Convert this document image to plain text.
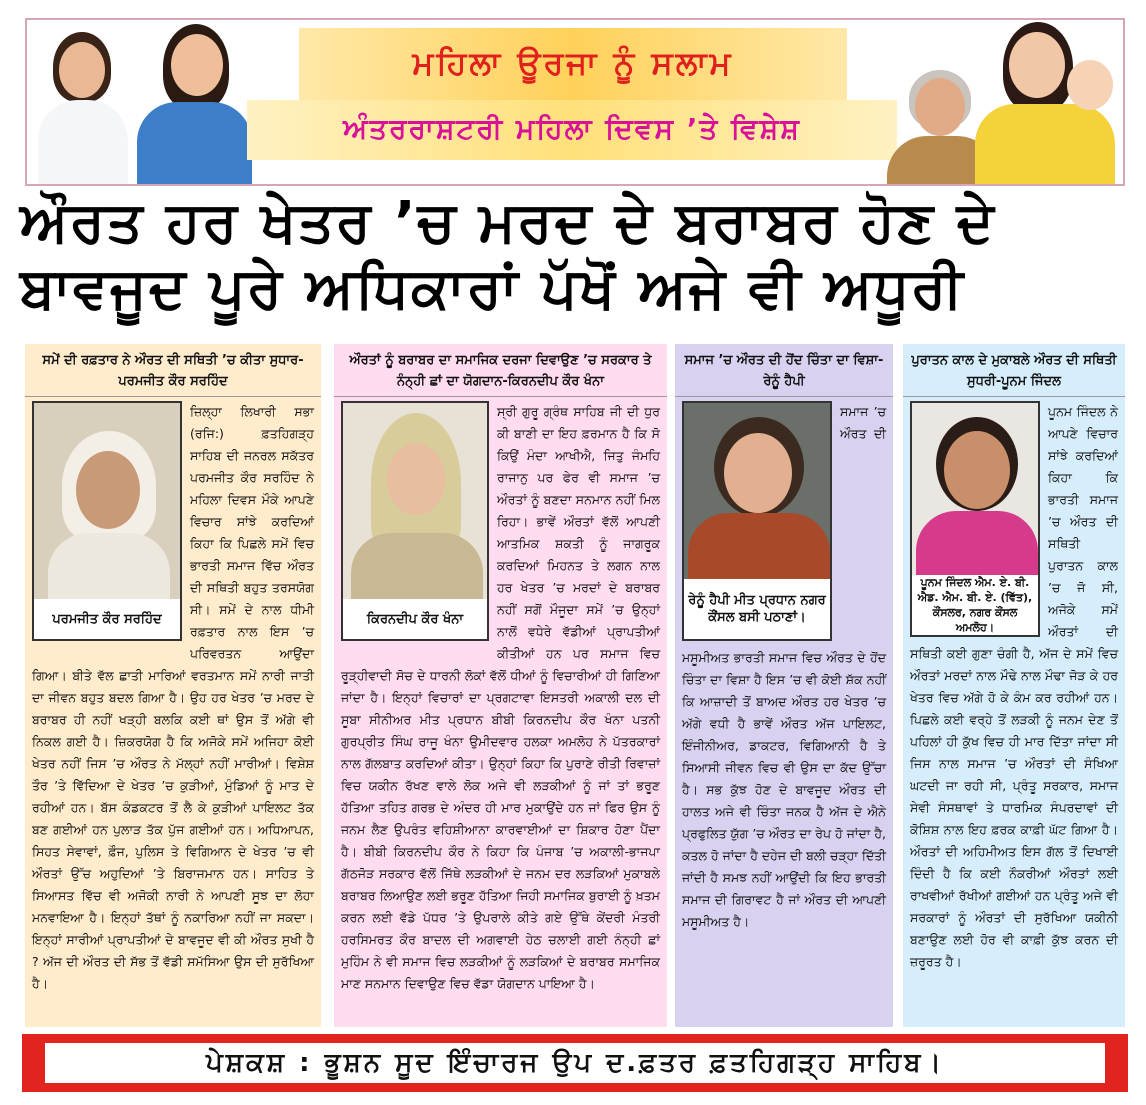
ਮਹਿਲਾ ਊਰਜਾ ਨੂੰ ਸਲਾਮ
ਅੰਤਰਰਾਸ਼ਟਰੀ ਮਹਿਲਾ ਦਿਵਸ ’ਤੇ ਵਿਸ਼ੇਸ਼
ਔਰਤ ਹਰ ਖੇਤਰ ’ਚ ਮਰਦ ਦੇ ਬਰਾਬਰ ਹੋਣ ਦੇ ਬਾਵਜੂਦ ਪੂਰੇ ਅਧਿਕਾਰਾਂ ਪੱਖੋਂ ਅਜੇ ਵੀ ਅਧੂਰੀ
ਸਮੇਂ ਦੀ ਰਫ਼ਤਾਰ ਨੇ ਔਰਤ ਦੀ ਸਥਿਤੀ ’ਚ ਕੀਤਾ ਸੁਧਾਰ-ਪਰਮਜੀਤ ਕੌਰ ਸਰਹਿੰਦ
ਪਰਮਜੀਤ ਕੌਰ ਸਰਹਿੰਦ
ਜ਼ਿਲ੍ਹਾ ਲਿਖਾਰੀ ਸਭਾ (ਰਜਿ:) ਫ਼ਤਹਿਗੜ੍ਹ ਸਾਹਿਬ ਦੀ ਜਨਰਲ ਸਕੱਤਰ ਪਰਮਜੀਤ ਕੌਰ ਸਰਹਿੰਦ ਨੇ ਮਹਿਲਾ ਦਿਵਸ ਮੌਕੇ ਆਪਣੇ ਵਿਚਾਰ ਸਾਂਝੇ ਕਰਦਿਆਂ ਕਿਹਾ ਕਿ ਪਿਛਲੇ ਸਮੇਂ ਵਿਚ ਭਾਰਤੀ ਸਮਾਜ ਵਿੱਚ ਔਰਤ ਦੀ ਸਥਿਤੀ ਬਹੁਤ ਤਰਸਯੋਗ ਸੀ। ਸਮੇਂ ਦੇ ਨਾਲ ਧੀਮੀ ਰਫ਼ਤਾਰ ਨਾਲ ਇਸ ’ਚ ਪਰਿਵਰਤਨ ਆਉਂਦਾ ਗਿਆ। ਬੀਤੇ ਵੱਲ ਛਾਤੀ ਮਾਰਿਆਂ ਵਰਤਮਾਨ ਸਮੇਂ ਨਾਰੀ ਜਾਤੀ ਦਾ ਜੀਵਨ ਬਹੁਤ ਬਦਲ ਗਿਆ ਹੈ। ਉਹ ਹਰ ਖੇਤਰ ’ਚ ਮਰਦ ਦੇ ਬਰਾਬਰ ਹੀ ਨਹੀਂ ਖੜ੍ਹੀ ਬਲਕਿ ਕਈ ਥਾਂ ਉਸ ਤੋਂ ਅੱਗੇ ਵੀ ਨਿਕਲ ਗਈ ਹੈ। ਜ਼ਿਕਰਯੋਗ ਹੈ ਕਿ ਅਜੋਕੇ ਸਮੇਂ ਅਜਿਹਾ ਕੋਈ ਖੇਤਰ ਨਹੀਂ ਜਿਸ ’ਚ ਔਰਤ ਨੇ ਮੱਲ੍ਹਾਂ ਨਹੀਂ ਮਾਰੀਆਂ। ਵਿਸ਼ੇਸ਼ ਤੌਰ ’ਤੇ ਵਿੱਦਿਆ ਦੇ ਖੇਤਰ ’ਚ ਕੁੜੀਆਂ, ਮੁੰਡਿਆਂ ਨੂੰ ਮਾਤ ਦੇ ਰਹੀਆਂ ਹਨ। ਬੱਸ ਕੰਡਕਟਰ ਤੋਂ ਲੈ ਕੇ ਕੁੜੀਆਂ ਪਾਇਲਟ ਤੱਕ ਬਣ ਗਈਆਂ ਹਨ ਪੁਲਾੜ ਤੱਕ ਪੁੱਜ ਗਈਆਂ ਹਨ। ਅਧਿਆਪਨ, ਸਿਹਤ ਸੇਵਾਵਾਂ, ਫ਼ੌਜ, ਪੁਲਿਸ ਤੇ ਵਿਗਿਆਨ ਦੇ ਖੇਤਰ ’ਚ ਵੀ ਔਰਤਾਂ ਉੱਚ ਅਹੁਦਿਆਂ ’ਤੇ ਬਿਰਾਜਮਾਨ ਹਨ। ਸਾਹਿਤ ਤੇ ਸਿਆਸਤ ਵਿੱਚ ਵੀ ਅਜੋਕੀ ਨਾਰੀ ਨੇ ਆਪਣੀ ਸੂਝ ਦਾ ਲੋਹਾ ਮਨਵਾਇਆ ਹੈ। ਇਨ੍ਹਾਂ ਤੱਥਾਂ ਨੂੰ ਨਕਾਰਿਆ ਨਹੀਂ ਜਾ ਸਕਦਾ। ਇਨ੍ਹਾਂ ਸਾਰੀਆਂ ਪ੍ਰਾਪਤੀਆਂ ਦੇ ਬਾਵਜੂਦ ਵੀ ਕੀ ਔਰਤ ਸੁਖੀ ਹੈ ? ਅੱਜ ਦੀ ਔਰਤ ਦੀ ਸੱਭ ਤੋਂ ਵੱਡੀ ਸਮੱਸਿਆ ਉਸ ਦੀ ਸੁਰੱਖਿਆ ਹੈ।
ਔਰਤਾਂ ਨੂੰ ਬਰਾਬਰ ਦਾ ਸਮਾਜਿਕ ਦਰਜਾ ਦਿਵਾਉਣ ’ਚ ਸਰਕਾਰ ਤੇ ਨੰਨ੍ਹੀ ਛਾਂ ਦਾ ਯੋਗਦਾਨ-ਕਿਰਨਦੀਪ ਕੌਰ ਖੰਨਾ
ਕਿਰਨਦੀਪ ਕੌਰ ਖੰਨਾ
ਸ੍ਰੀ ਗੁਰੂ ਗ੍ਰੰਥ ਸਾਹਿਬ ਜੀ ਦੀ ਧੁਰ ਕੀ ਬਾਣੀ ਦਾ ਇਹ ਫ਼ਰਮਾਨ ਹੈ ਕਿ ਸੋ ਕਿਉਂ ਮੰਦਾ ਆਖੀਐ, ਜਿਤੁ ਜੰਮਹਿ ਰਾਜਾਨੁ ਪਰ ਫੇਰ ਵੀ ਸਮਾਜ ’ਚ ਔਰਤਾਂ ਨੂੰ ਬਣਦਾ ਸਨਮਾਨ ਨਹੀਂ ਮਿਲ ਰਿਹਾ। ਭਾਵੇਂ ਔਰਤਾਂ ਵੱਲੋਂ ਆਪਣੀ ਆਤਮਿਕ ਸ਼ਕਤੀ ਨੂੰ ਜਾਗਰੂਕ ਕਰਦਿਆਂ ਮਿਹਨਤ ਤੇ ਲਗਨ ਨਾਲ ਹਰ ਖੇਤਰ ’ਚ ਮਰਦਾਂ ਦੇ ਬਰਾਬਰ ਨਹੀਂ ਸਗੋਂ ਮੌਜੂਦਾ ਸਮੇਂ ’ਚ ਉਨ੍ਹਾਂ ਨਾਲੋਂ ਵਧੇਰੇ ਵੱਡੀਆਂ ਪ੍ਰਾਪਤੀਆਂ ਕੀਤੀਆਂ ਹਨ ਪਰ ਸਮਾਜ ਵਿਚ ਰੂੜ੍ਹੀਵਾਦੀ ਸੋਚ ਦੇ ਧਾਰਨੀ ਲੋਕਾਂ ਵੱਲੋਂ ਧੀਆਂ ਨੂੰ ਵਿਚਾਰੀਆਂ ਹੀ ਗਿਣਿਆ ਜਾਂਦਾ ਹੈ। ਇਨ੍ਹਾਂ ਵਿਚਾਰਾਂ ਦਾ ਪ੍ਰਗਟਾਵਾ ਇਸਤਰੀ ਅਕਾਲੀ ਦਲ ਦੀ ਸੂਬਾ ਸੀਨੀਅਰ ਮੀਤ ਪ੍ਰਧਾਨ ਬੀਬੀ ਕਿਰਨਦੀਪ ਕੌਰ ਖੰਨਾ ਪਤਨੀ ਗੁਰਪ੍ਰੀਤ ਸਿੰਘ ਰਾਜੂ ਖੰਨਾ ਉਮੀਦਵਾਰ ਹਲਕਾ ਅਮਲੋਹ ਨੇ ਪੱਤਰਕਾਰਾਂ ਨਾਲ ਗੱਲਬਾਤ ਕਰਦਿਆਂ ਕੀਤਾ। ਉਨ੍ਹਾਂ ਕਿਹਾ ਕਿ ਪੁਰਾਣੇ ਰੀਤੀ ਰਿਵਾਜ਼ਾਂ ਵਿਚ ਯਕੀਨ ਰੱਖਣ ਵਾਲੇ ਲੋਕ ਅਜੇ ਵੀ ਲੜਕੀਆਂ ਨੂੰ ਜਾਂ ਤਾਂ ਭਰੂਣ ਹੱਤਿਆ ਤਹਿਤ ਗਰਭ ਦੇ ਅੰਦਰ ਹੀ ਮਾਰ ਮੁਕਾਉਂਦੇ ਹਨ ਜਾਂ ਫਿਰ ਉਸ ਨੂੰ ਜਨਮ ਲੈਣ ਉਪਰੰਤ ਵਹਿਸ਼ੀਆਨਾ ਕਾਰਵਾਈਆਂ ਦਾ ਸ਼ਿਕਾਰ ਹੋਣਾ ਪੈਂਦਾ ਹੈ। ਬੀਬੀ ਕਿਰਨਦੀਪ ਕੌਰ ਨੇ ਕਿਹਾ ਕਿ ਪੰਜਾਬ ’ਚ ਅਕਾਲੀ-ਭਾਜਪਾ ਗੱਠਜੋੜ ਸਰਕਾਰ ਵੱਲੋਂ ਜਿੱਥੇ ਲੜਕੀਆਂ ਦੇ ਜਨਮ ਦਰ ਲੜਕਿਆਂ ਮੁਕਾਬਲੇ ਬਰਾਬਰ ਲਿਆਉਣ ਲਈ ਭਰੂਣ ਹੱਤਿਆ ਜਿਹੀ ਸਮਾਜਿਕ ਬੁਰਾਈ ਨੂੰ ਖ਼ਤਮ ਕਰਨ ਲਈ ਵੱਡੇ ਪੱਧਰ ’ਤੇ ਉਪਰਾਲੇ ਕੀਤੇ ਗਏ ਉੱਥੇ ਕੇਂਦਰੀ ਮੰਤਰੀ ਹਰਸਿਮਰਤ ਕੌਰ ਬਾਦਲ ਦੀ ਅਗਵਾਈ ਹੇਠ ਚਲਾਈ ਗਈ ਨੰਨ੍ਹੀ ਛਾਂ ਮੁਹਿੰਮ ਨੇ ਵੀ ਸਮਾਜ ਵਿਚ ਲੜਕੀਆਂ ਨੂੰ ਲੜਕਿਆਂ ਦੇ ਬਰਾਬਰ ਸਮਾਜਿਕ ਮਾਣ ਸਨਮਾਨ ਦਿਵਾਉਣ ਵਿਚ ਵੱਡਾ ਯੋਗਦਾਨ ਪਾਇਆ ਹੈ।
ਸਮਾਜ ’ਚ ਔਰਤ ਦੀ ਹੋਂਦ ਚਿੰਤਾ ਦਾ ਵਿਸ਼ਾ-ਰੇਨੂੰ ਹੈਪੀ
ਰੇਨੂੰ ਹੈਪੀ ਮੀਤ ਪ੍ਰਧਾਨ ਨਗਰ ਕੌਂਸਲ ਬਸੀ ਪਠਾਣਾਂ।
ਸਮਾਜ ’ਚ ਔਰਤ ਦੀ ਮਸੂਮੀਅਤ ਭਾਰਤੀ ਸਮਾਜ ਵਿਚ ਔਰਤ ਦੇ ਹੋਂਦ ਚਿੰਤਾ ਦਾ ਵਿਸ਼ਾ ਹੈ ਇਸ ’ਚ ਵੀ ਕੋਈ ਸ਼ੱਕ ਨਹੀਂ ਕਿ ਆਜ਼ਾਦੀ ਤੋਂ ਬਾਅਦ ਔਰਤ ਹਰ ਖੇਤਰ ’ਚ ਅੱਗੇ ਵਧੀ ਹੈ ਭਾਵੇਂ ਔਰਤ ਅੱਜ ਪਾਇਲਟ, ਇੰਜੀਨੀਅਰ, ਡਾਕਟਰ, ਵਿਗਿਆਨੀ ਹੈ ਤੇ ਸਿਆਸੀ ਜੀਵਨ ਵਿਚ ਵੀ ਉਸ ਦਾ ਕੱਦ ਉੱਚਾ ਹੈ। ਸਭ ਕੁੱਝ ਹੋਣ ਦੇ ਬਾਵਜੂਦ ਔਰਤ ਦੀ ਹਾਲਤ ਅਜੇ ਵੀ ਚਿੰਤਾ ਜਨਕ ਹੈ ਅੱਜ ਦੇ ਐਨੇ ਪ੍ਰਫੁਲਿਤ ਯੁੱਗ ’ਚ ਔਰਤ ਦਾ ਰੇਪ ਹੋ ਜਾਂਦਾ ਹੈ, ਕਤਲ ਹੋ ਜਾਂਦਾ ਹੈ ਦਹੇਜ ਦੀ ਬਲੀ ਚੜ੍ਹਾ ਦਿੱਤੀ ਜਾਂਦੀ ਹੈ ਸਮਝ ਨਹੀਂ ਆਉਂਦੀ ਕਿ ਇਹ ਭਾਰਤੀ ਸਮਾਜ ਦੀ ਗਿਰਾਵਟ ਹੈ ਜਾਂ ਔਰਤ ਦੀ ਆਪਣੀ ਮਸੂਮੀਅਤ ਹੈ।
ਪੁਰਾਤਨ ਕਾਲ ਦੇ ਮੁਕਾਬਲੇ ਔਰਤ ਦੀ ਸਥਿਤੀ ਸੁਧਰੀ-ਪੂਨਮ ਜਿੰਦਲ
ਪੂਨਮ ਜਿੰਦਲ ਐਮ. ਏ. ਬੀ. ਐਡ. ਐਮ. ਬੀ. ਏ. (ਵਿੱਤ), ਕੌਂਸਲਰ, ਨਗਰ ਕੌਂਸਲ ਅਮਲੋਹ।
ਪੂਨਮ ਜਿੰਦਲ ਨੇ ਆਪਣੇ ਵਿਚਾਰ ਸਾਂਝੇ ਕਰਦਿਆਂ ਕਿਹਾ ਕਿ ਭਾਰਤੀ ਸਮਾਜ ’ਚ ਔਰਤ ਦੀ ਸਥਿਤੀ ਪੁਰਾਤਨ ਕਾਲ ’ਚ ਜੋ ਸੀ, ਅਜੋਕੇ ਸਮੇਂ ਔਰਤਾਂ ਦੀ ਸਥਿਤੀ ਕਈ ਗੁਣਾ ਚੰਗੀ ਹੈ, ਅੱਜ ਦੇ ਸਮੇਂ ਵਿਚ ਔਰਤਾਂ ਮਰਦਾਂ ਨਾਲ ਮੌਢੇ ਨਾਲ ਮੌਢਾ ਜੋੜ ਕੇ ਹਰ ਖੇਤਰ ਵਿਚ ਅੱਗੇ ਹੋ ਕੇ ਕੰਮ ਕਰ ਰਹੀਆਂ ਹਨ। ਪਿਛਲੇ ਕਈ ਵਰ੍ਹੇ ਤੋਂ ਲੜਕੀ ਨੂੰ ਜਨਮ ਦੇਣ ਤੋਂ ਪਹਿਲਾਂ ਹੀ ਕੁੱਖ ਵਿਚ ਹੀ ਮਾਰ ਦਿੱਤਾ ਜਾਂਦਾ ਸੀ ਜਿਸ ਨਾਲ ਸਮਾਜ ’ਚ ਔਰਤਾਂ ਦੀ ਸੰਖਿਆ ਘਟਦੀ ਜਾ ਰਹੀ ਸੀ, ਪ੍ਰੰਤੂ ਸਰਕਾਰ, ਸਮਾਜ ਸੇਵੀ ਸੰਸਥਾਵਾਂ ਤੇ ਧਾਰਮਿਕ ਸੰਪਰਦਾਵਾਂ ਦੀ ਕੋਸ਼ਿਸ਼ ਨਾਲ ਇਹ ਫ਼ਰਕ ਕਾਫ਼ੀ ਘੱਟ ਗਿਆ ਹੈ। ਔਰਤਾਂ ਦੀ ਅਹਿਮੀਅਤ ਇਸ ਗੱਲ ਤੋਂ ਦਿਖਾਈ ਦਿੰਦੀ ਹੈ ਕਿ ਕਈ ਨੌਕਰੀਆਂ ਔਰਤਾਂ ਲਈ ਰਾਖਵੀਆਂ ਰੱਖੀਆਂ ਗਈਆਂ ਹਨ ਪ੍ਰੰਤੂ ਅਜੇ ਵੀ ਸਰਕਾਰਾਂ ਨੂੰ ਔਰਤਾਂ ਦੀ ਸੁਰੱਖਿਆ ਯਕੀਨੀ ਬਣਾਉਣ ਲਈ ਹੋਰ ਵੀ ਕਾਫ਼ੀ ਕੁੱਝ ਕਰਨ ਦੀ ਜ਼ਰੂਰਤ ਹੈ।
ਪੇਸ਼ਕਸ਼ : ਭੂਸ਼ਨ ਸੂਦ ਇੰਚਾਰਜ ਉਪ ਦ.ਫ਼ਤਰ ਫ਼ਤਹਿਗੜ੍ਹ ਸਾਹਿਬ।
